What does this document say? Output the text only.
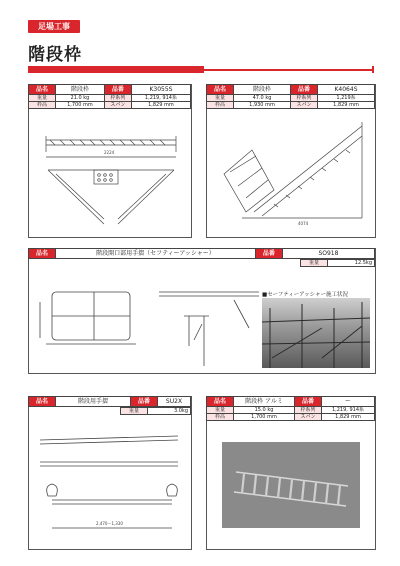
足場工事
階段枠
品名	階段枠	品番	K3055S
重量	21.0 kg	枠系列	1,219, 914系
枠高	1,700 mm	スパン	1,829 mm
2224
品名	階段枠	品番	K4064S
重量	47.0 kg	枠系列	1,219系
枠高	1,930 mm	スパン	1,829 mm
4074
品名	階段開口部用手摺（セフティーアッシャー）	品番	SO918
重量	12.5kg
■セーフティーアッシャー施工状況
品名	階段用手摺	品番	SU2X
重量	3.0kg
2,470～1,330
品名	階段枠 アルミ	品番	ー
重量	15.0 kg	枠系列	1,219, 914系
枠高	1,700 mm	スパン	1,829 mm
